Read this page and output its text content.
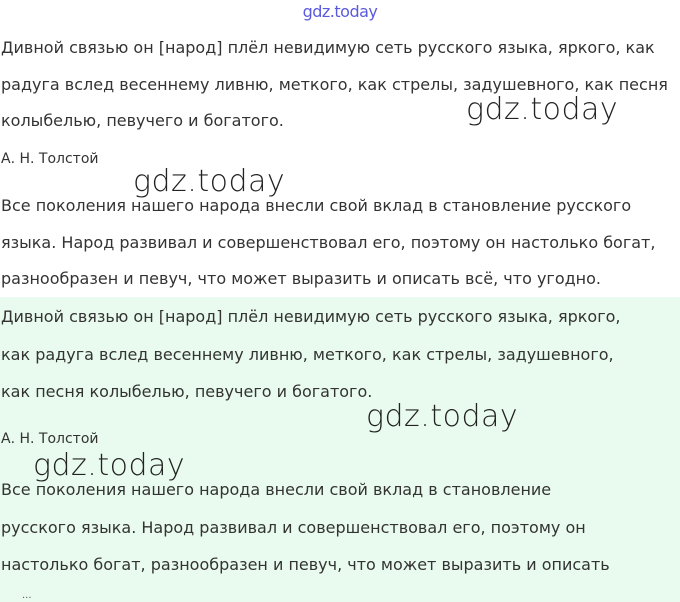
gdz.today

Дивной связью он [народ] плёл невидимую сеть русского языка, яркого, как

радуга вслед весеннему ливню, меткого, как стрелы, задушевного, как песня

колыбелью, певучего и богатого.

А. Н. Толстой

Все поколения нашего народа внесли свой вклад в становление русского

языка. Народ развивал и совершенствовал его, поэтому он настолько богат,

разнообразен и певуч, что может выразить и описать всё, что угодно.

Дивной связью он [народ] плёл невидимую сеть русского языка, яркого,

как радуга вслед весеннему ливню, меткого, как стрелы, задушевного,

как песня колыбелью, певучего и богатого.

А. Н. Толстой

Все поколения нашего народа внесли свой вклад в становление

русского языка. Народ развивал и совершенствовал его, поэтому он

настолько богат, разнообразен и певуч, что может выразить и описать

...
gdz.today
gdz.today
gdz.today
gdz.today
